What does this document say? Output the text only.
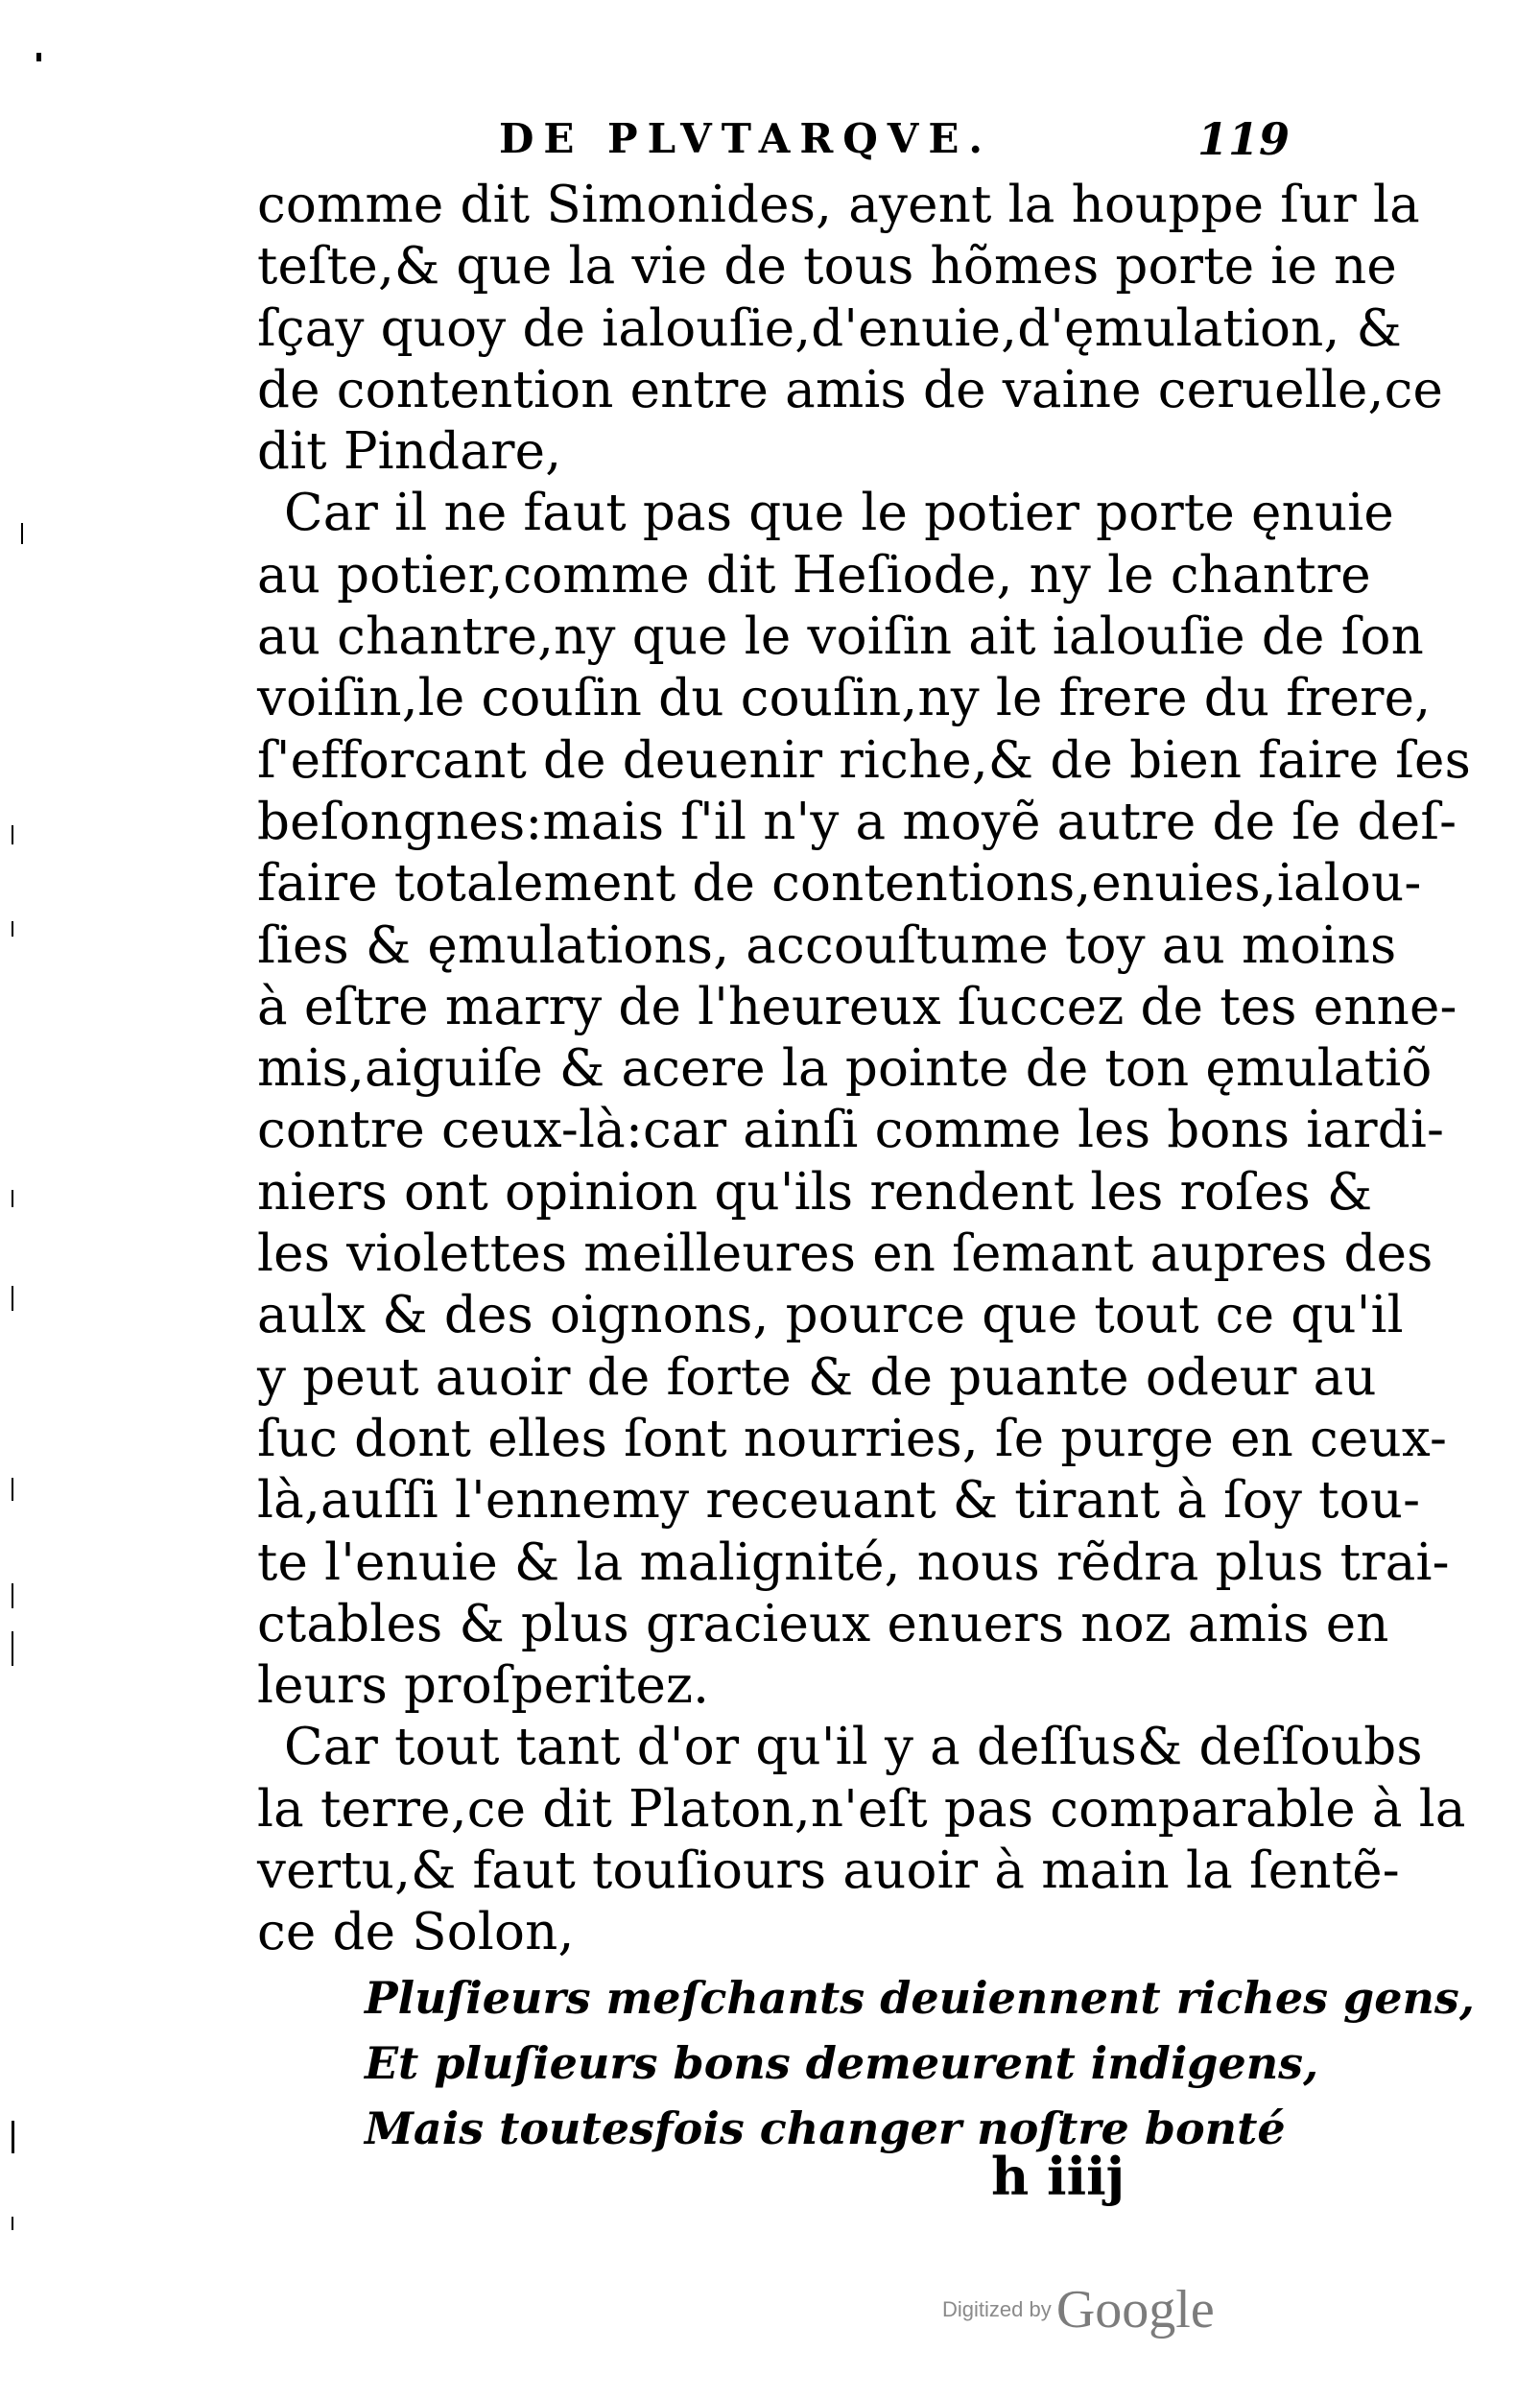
DE PLVTARQVE.	119
comme dit Simonides, ayent la houppe ſur la
teſte,& que la vie de tous hõmes porte ie ne
ſçay quoy de ialouſie,d'enuie,d'ęmulation, &
de contention entre amis de vaine ceruelle,ce
dit Pindare,
Car il ne faut pas que le potier porte ęnuie
au potier,comme dit Heſiode, ny le chantre
au chantre,ny que le voiſin ait ialouſie de ſon
voiſin,le couſin du couſin,ny le frere du frere,
ſ'efforcant de deuenir riche,& de bien faire ſes
beſongnes:mais ſ'il n'y a moyẽ autre de ſe deſ-
faire totalement de contentions,enuies,ialou-
ſies & ęmulations, accouſtume toy au moins
à eſtre marry de l'heureux ſuccez de tes enne-
mis,aiguiſe & acere la pointe de ton ęmulatiõ
contre ceux-là:car ainſi comme les bons iardi-
niers ont opinion qu'ils rendent les roſes &
les violettes meilleures en ſemant aupres des
aulx & des oignons, pource que tout ce qu'il
y peut auoir de forte & de puante odeur au
ſuc dont elles ſont nourries, ſe purge en ceux-
là,auſſi l'ennemy receuant & tirant à ſoy tou-
te l'enuie & la malignité, nous rẽdra plus trai-
ctables & plus gracieux enuers noz amis en
leurs proſperitez.
Car tout tant d'or qu'il y a deſſus& deſſoubs
la terre,ce dit Platon,n'eſt pas comparable à la
vertu,& faut touſiours auoir à main la ſentẽ-
ce de Solon,
Pluſieurs meſchants deuiennent riches gens,
Et pluſieurs bons demeurent indigens,
Mais toutesfois changer noſtre bonté
h iiij
Digitized by Google
